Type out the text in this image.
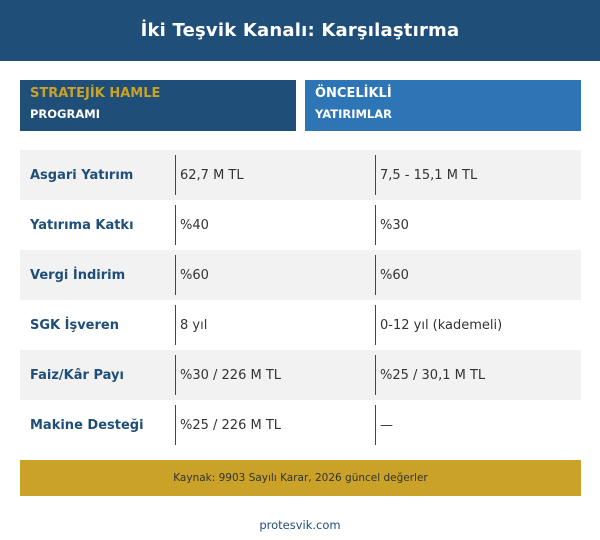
İki Teşvik Kanalı: Karşılaştırma
STRATEJİK HAMLE
PROGRAMI
ÖNCELİKLİ
YATIRIMLAR
Asgari Yatırım	62,7 M TL	7,5 - 15,1 M TL
Yatırıma Katkı	%40	%30
Vergi İndirim	%60	%60
SGK İşveren	8 yıl	0-12 yıl (kademeli)
Faiz/Kâr Payı	%30 / 226 M TL	%25 / 30,1 M TL
Makine Desteği	%25 / 226 M TL	—
Kaynak: 9903 Sayılı Karar, 2026 güncel değerler
protesvik.com
